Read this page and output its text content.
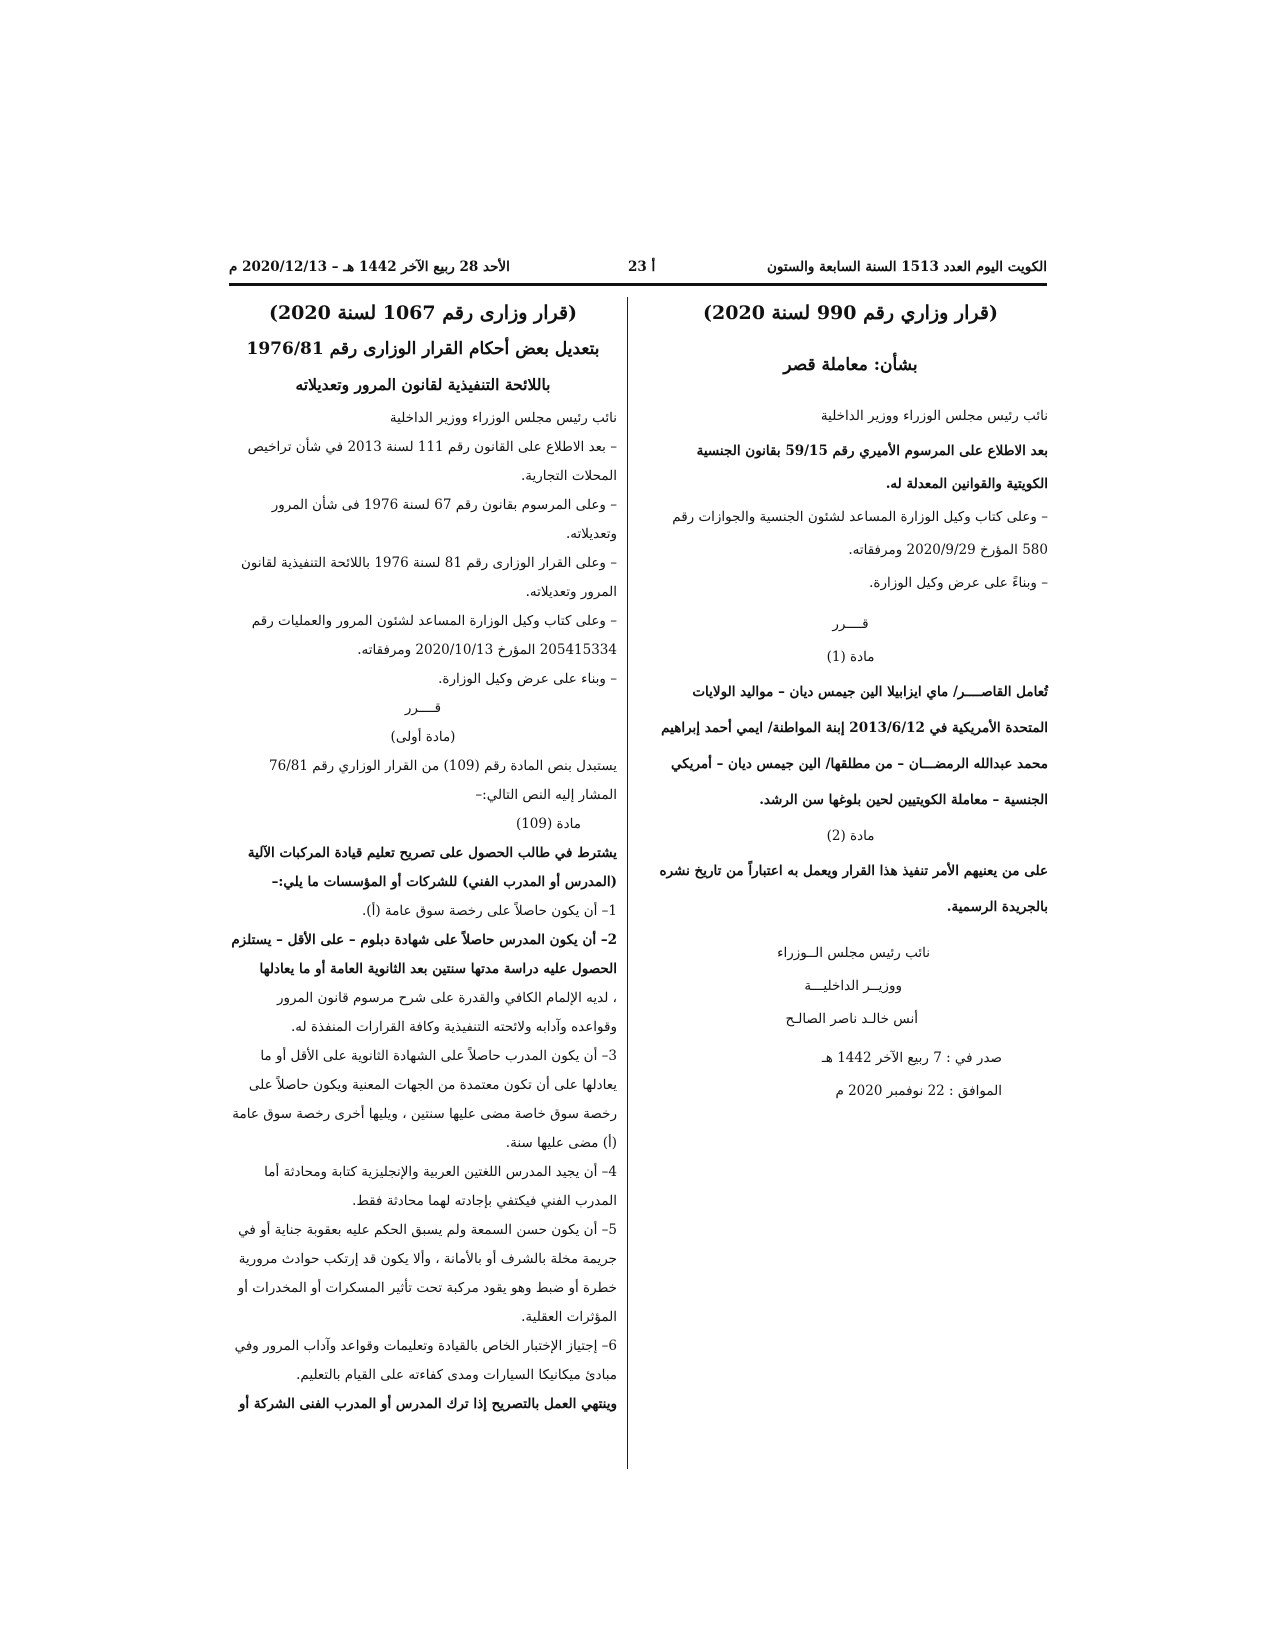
الكويت اليوم العدد 1513 السنة السابعة والستون
أ 23
الأحد 28 ربيع الآخر 1442 هـ – 2020/12/13 م

(قرار وزاري رقم 990 لسنة 2020)

بشأن: معاملة قصر

نائب رئيس مجلس الوزراء ووزير الداخلية

بعد الاطلاع على المرسوم الأميري رقم 59/15 بقانون الجنسية الكويتية والقوانين المعدلة له.

– وعلى كتاب وكيل الوزارة المساعد لشئون الجنسية والجوازات رقم 580 المؤرخ 2020/9/29 ومرفقاته.

– وبناءً على عرض وكيل الوزارة.

قــــرر

مادة (1)

تُعامل القاصــــر/ ماي ايزابيلا الين جيمس ديان – مواليد الولايات المتحدة الأمريكية في 2013/6/12 إبنة المواطنة/ ايمي أحمد إبراهيم محمد عبدالله الرمضـــان – من مطلقها/ الين جيمس ديان – أمريكي الجنسية – معاملة الكويتيين لحين بلوغها سن الرشد.

مادة (2)

على من يعنيهم الأمر تنفيذ هذا القرار ويعمل به اعتباراً من تاريخ نشره بالجريدة الرسمية.

نائب رئيس مجلس الــوزراء

ووزيــر الداخليـــة

أنس خالـد ناصر الصالـح

صدر في : 7 ربيع الآخر 1442 هـ

الموافق : 22 نوفمبر 2020 م

(قرار وزارى رقم 1067 لسنة 2020)

بتعديل بعض أحكام القرار الوزارى رقم 1976/81

باللائحة التنفيذية لقانون المرور وتعديلاته

نائب رئيس مجلس الوزراء ووزير الداخلية

– بعد الاطلاع على القانون رقم 111 لسنة 2013 في شأن تراخيص المحلات التجارية.

– وعلى المرسوم بقانون رقم 67 لسنة 1976 فى شأن المرور وتعديلاته.

– وعلى القرار الوزارى رقم 81 لسنة 1976 باللائحة التنفيذية لقانون المرور وتعديلاته.

– وعلى كتاب وكيل الوزارة المساعد لشئون المرور والعمليات رقم 205415334 المؤرخ 2020/10/13 ومرفقاته.

– وبناء على عرض وكيل الوزارة.

قــــرر

(مادة أولى)

يستبدل بنص المادة رقم (109) من القرار الوزاري رقم 76/81 المشار إليه النص التالي:–

مادة (109)

يشترط في طالب الحصول على تصريح تعليم قيادة المركبات الآلية (المدرس أو المدرب الفني) للشركات أو المؤسسات ما يلي:–

1– أن يكون حاصلاً على رخصة سوق عامة (أ).

2– أن يكون المدرس حاصلاً على شهادة دبلوم – على الأقل – يستلزم الحصول عليه دراسة مدتها سنتين بعد الثانوية العامة أو ما يعادلها

، لديه الإلمام الكافي والقدرة على شرح مرسوم قانون المرور وقواعده وآدابه ولائحته التنفيذية وكافة القرارات المنفذة له.

3– أن يكون المدرب حاصلاً على الشهادة الثانوية على الأقل أو ما يعادلها على أن تكون معتمدة من الجهات المعنية ويكون حاصلاً على رخصة سوق خاصة مضى عليها سنتين ، ويليها أخرى رخصة سوق عامة (أ) مضى عليها سنة.

4– أن يجيد المدرس اللغتين العربية والإنجليزية كتابة ومحادثة أما المدرب الفني فيكتفي بإجادته لهما محادثة فقط.

5– أن يكون حسن السمعة ولم يسبق الحكم عليه بعقوبة جناية أو في جريمة مخلة بالشرف أو بالأمانة ، وألا يكون قد إرتكب حوادث مرورية خطرة أو ضبط وهو يقود مركبة تحت تأثير المسكرات أو المخدرات أو المؤثرات العقلية.

6– إجتياز الإختبار الخاص بالقيادة وتعليمات وقواعد وآداب المرور وفي مبادئ ميكانيكا السيارات ومدى كفاءته على القيام بالتعليم.

وينتهي العمل بالتصريح إذا ترك المدرس أو المدرب الفنى الشركة أو
